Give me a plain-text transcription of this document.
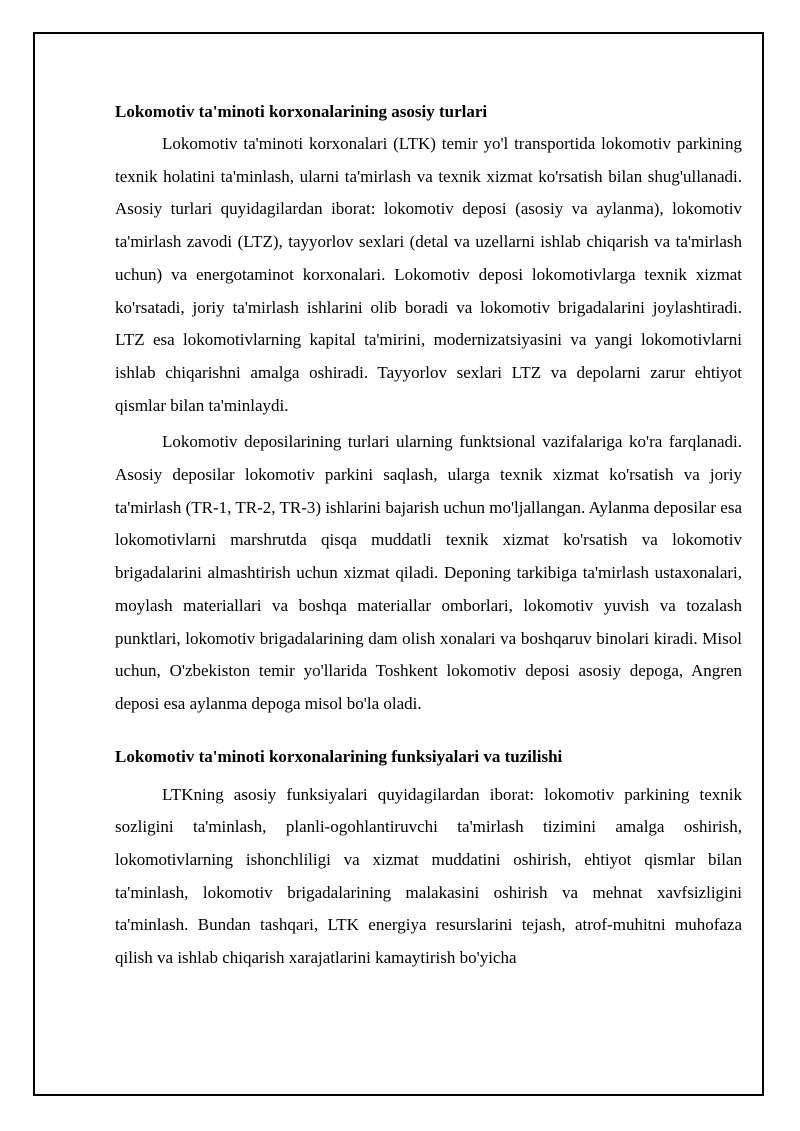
Lokomotiv ta'minoti korxonalarining asosiy turlari

Lokomotiv ta'minoti korxonalari (LTK) temir yo'l transportida lokomotiv parkining texnik holatini ta'minlash, ularni ta'mirlash va texnik xizmat ko'rsatish bilan shug'ullanadi. Asosiy turlari quyidagilardan iborat: lokomotiv deposi (asosiy va aylanma), lokomotiv ta'mirlash zavodi (LTZ), tayyorlov sexlari (detal va uzellarni ishlab chiqarish va ta'mirlash uchun) va energotaminot korxonalari. Lokomotiv deposi lokomotivlarga texnik xizmat ko'rsatadi, joriy ta'mirlash ishlarini olib boradi va lokomotiv brigadalarini joylashtiradi. LTZ esa lokomotivlarning kapital ta'mirini, modernizatsiyasini va yangi lokomotivlarni ishlab chiqarishni amalga oshiradi. Tayyorlov sexlari LTZ va depolarni zarur ehtiyot qismlar bilan ta'minlaydi.

Lokomotiv deposilarining turlari ularning funktsional vazifalariga ko'ra farqlanadi. Asosiy deposilar lokomotiv parkini saqlash, ularga texnik xizmat ko'rsatish va joriy ta'mirlash (TR-1, TR-2, TR-3) ishlarini bajarish uchun mo'ljallangan. Aylanma deposilar esa lokomotivlarni marshrutda qisqa muddatli texnik xizmat ko'rsatish va lokomotiv brigadalarini almashtirish uchun xizmat qiladi. Deponing tarkibiga ta'mirlash ustaxonalari, moylash materiallari va boshqa materiallar omborlari, lokomotiv yuvish va tozalash punktlari, lokomotiv brigadalarining dam olish xonalari va boshqaruv binolari kiradi. Misol uchun, O'zbekiston temir yo'llarida Toshkent lokomotiv deposi asosiy depoga, Angren deposi esa aylanma depoga misol bo'la oladi.

Lokomotiv ta'minoti korxonalarining funksiyalari va tuzilishi

LTKning asosiy funksiyalari quyidagilardan iborat: lokomotiv parkining texnik sozligini ta'minlash, planli-ogohlantiruvchi ta'mirlash tizimini amalga oshirish, lokomotivlarning ishonchliligi va xizmat muddatini oshirish, ehtiyot qismlar bilan ta'minlash, lokomotiv brigadalarining malakasini oshirish va mehnat xavfsizligini ta'minlash. Bundan tashqari, LTK energiya resurslarini tejash, atrof-muhitni muhofaza qilish va ishlab chiqarish xarajatlarini kamaytirish bo'yicha
